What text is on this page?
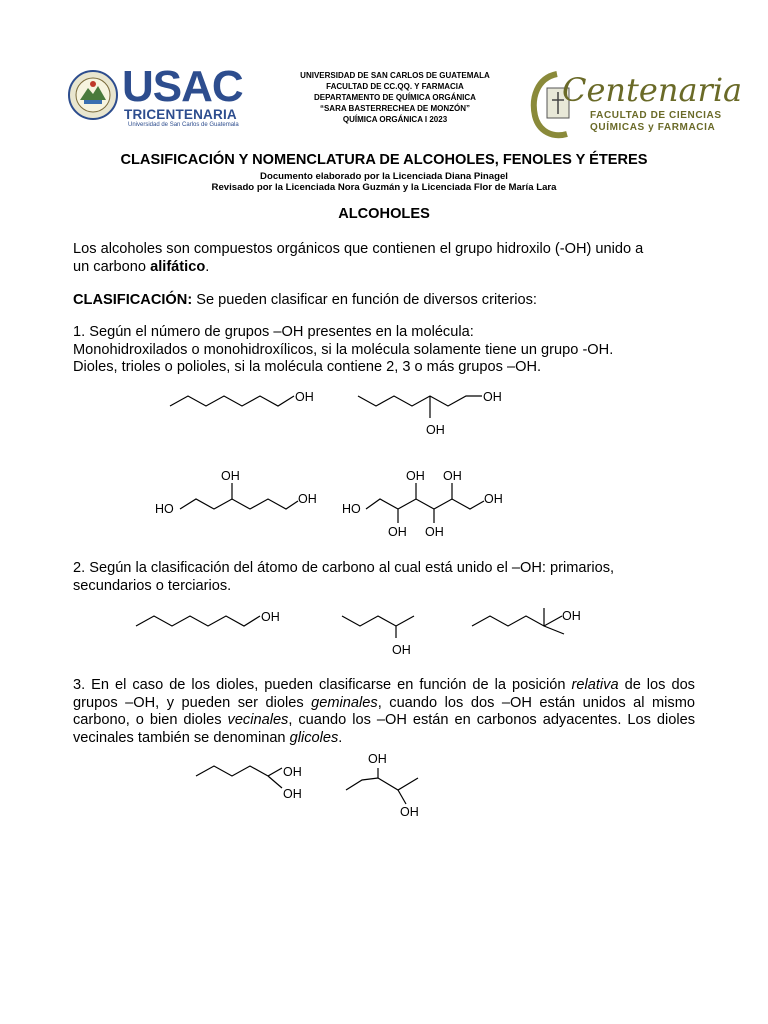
USAC
TRICENTENARIA
Universidad de San Carlos de Guatemala
UNIVERSIDAD DE SAN CARLOS DE GUATEMALA
FACULTAD DE CC.QQ. Y FARMACIA
DEPARTAMENTO DE QUÍMICA ORGÁNICA
“SARA BASTERRECHEA DE MONZÓN”
QUÍMICA ORGÁNICA I 2023
Centenaria
FACULTAD DE CIENCIAS
QUÍMICAS y FARMACIA
CLASIFICACIÓN Y NOMENCLATURA DE ALCOHOLES, FENOLES Y ÉTERES
Documento elaborado por la Licenciada Diana Pinagel
Revisado por la Licenciada Nora Guzmán y la Licenciada Flor de María Lara
ALCOHOLES
Los alcoholes son compuestos orgánicos que contienen el grupo hidroxilo (-OH) unido a
un carbono alifático.
CLASIFICACIÓN: Se pueden clasificar en función de diversos criterios:
1. Según el número de grupos –OH presentes en la molécula:
Monohidroxilados o monohidroxílicos, si la molécula solamente tiene un grupo -OH.
Dioles, trioles o polioles, si la molécula contiene 2, 3 o más grupos –OH.
OH	OH
OH
HO
OH
OH
HO
OH OH
OH
OH OH
2. Según la clasificación del átomo de carbono al cual está unido el –OH: primarios,
secundarios o terciarios.
OH
OH
OH
3. En el caso de los dioles, pueden clasificarse en función de la posición relativa de los dos grupos –OH, y pueden ser dioles geminales, cuando los dos –OH están unidos al mismo carbono, o bien dioles vecinales, cuando los –OH están en carbonos adyacentes. Los dioles vecinales también se denominan glicoles.
OH
OH
OH
OH
